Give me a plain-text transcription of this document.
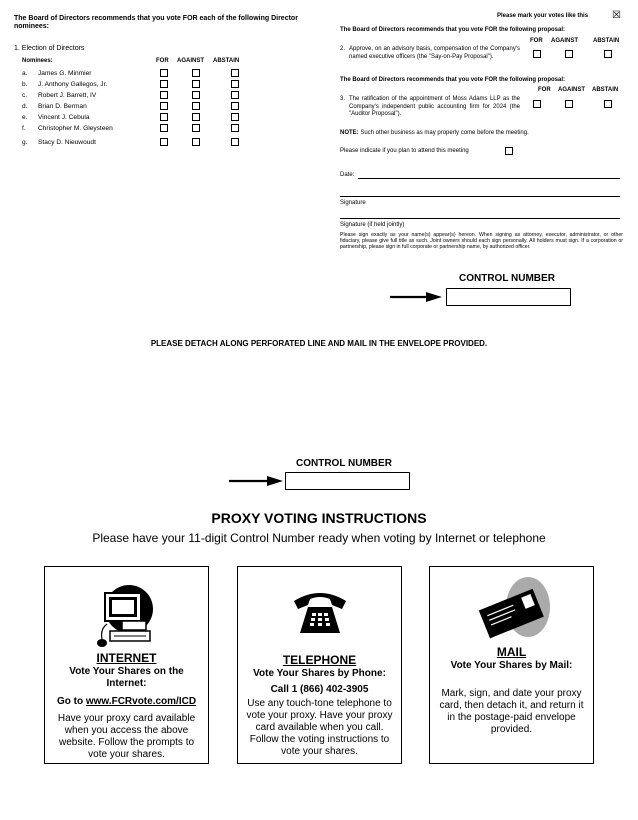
The Board of Directors recommends that you vote FOR each of the following Director nominees:
1. Election of Directors
Nominees:	FOR AGAINST ABSTAIN
a. James G. Minmier
b. J. Anthony Gallegos, Jr.
c. Robert J. Barrett, IV
d. Brian D. Berman
e. Vincent J. Cebula
f. Christopher M. Gleysteen
g. Stacy D. Nieuwoudt
Please mark your votes like this ☒
The Board of Directors recommends that you vote FOR the following proposal:
FOR AGAINST	ABSTAIN
2. Approve, on an advisory basis, compensation of the Company's named executive officers (the "Say-on-Pay Proposal").
The Board of Directors recommends that you vote FOR the following proposal:
FOR AGAINST ABSTAIN
3. The ratification of the appointment of Moss Adams LLP as the Company's independent public accounting firm for 2024 (the "Auditor Proposal").
NOTE: Such other business as may properly come before the meeting.
Please indicate if you plan to attend this meeting
Date:
Signature
Signature (if held jointly)
Please sign exactly as your name(s) appear(s) hereon. When signing as attorney, executor, administrator, or other fiduciary, please give full title as such. Joint owners should each sign personally. All holders must sign. If a corporation or partnership, please sign in full corporate or partnership name, by authorized officer.
CONTROL NUMBER
PLEASE DETACH ALONG PERFORATED LINE AND MAIL IN THE ENVELOPE PROVIDED.
CONTROL NUMBER
PROXY VOTING INSTRUCTIONS
Please have your 11-digit Control Number ready when voting by Internet or telephone
INTERNET
Vote Your Shares on the Internet:
Go to www.FCRvote.com/ICD
Have your proxy card available when you access the above website. Follow the prompts to vote your shares.
TELEPHONE
Vote Your Shares by Phone:
Call 1 (866) 402-3905
Use any touch-tone telephone to vote your proxy. Have your proxy card available when you call. Follow the voting instructions to vote your shares.
MAIL
Vote Your Shares by Mail:
Mark, sign, and date your proxy card, then detach it, and return it in the postage-paid envelope provided.
